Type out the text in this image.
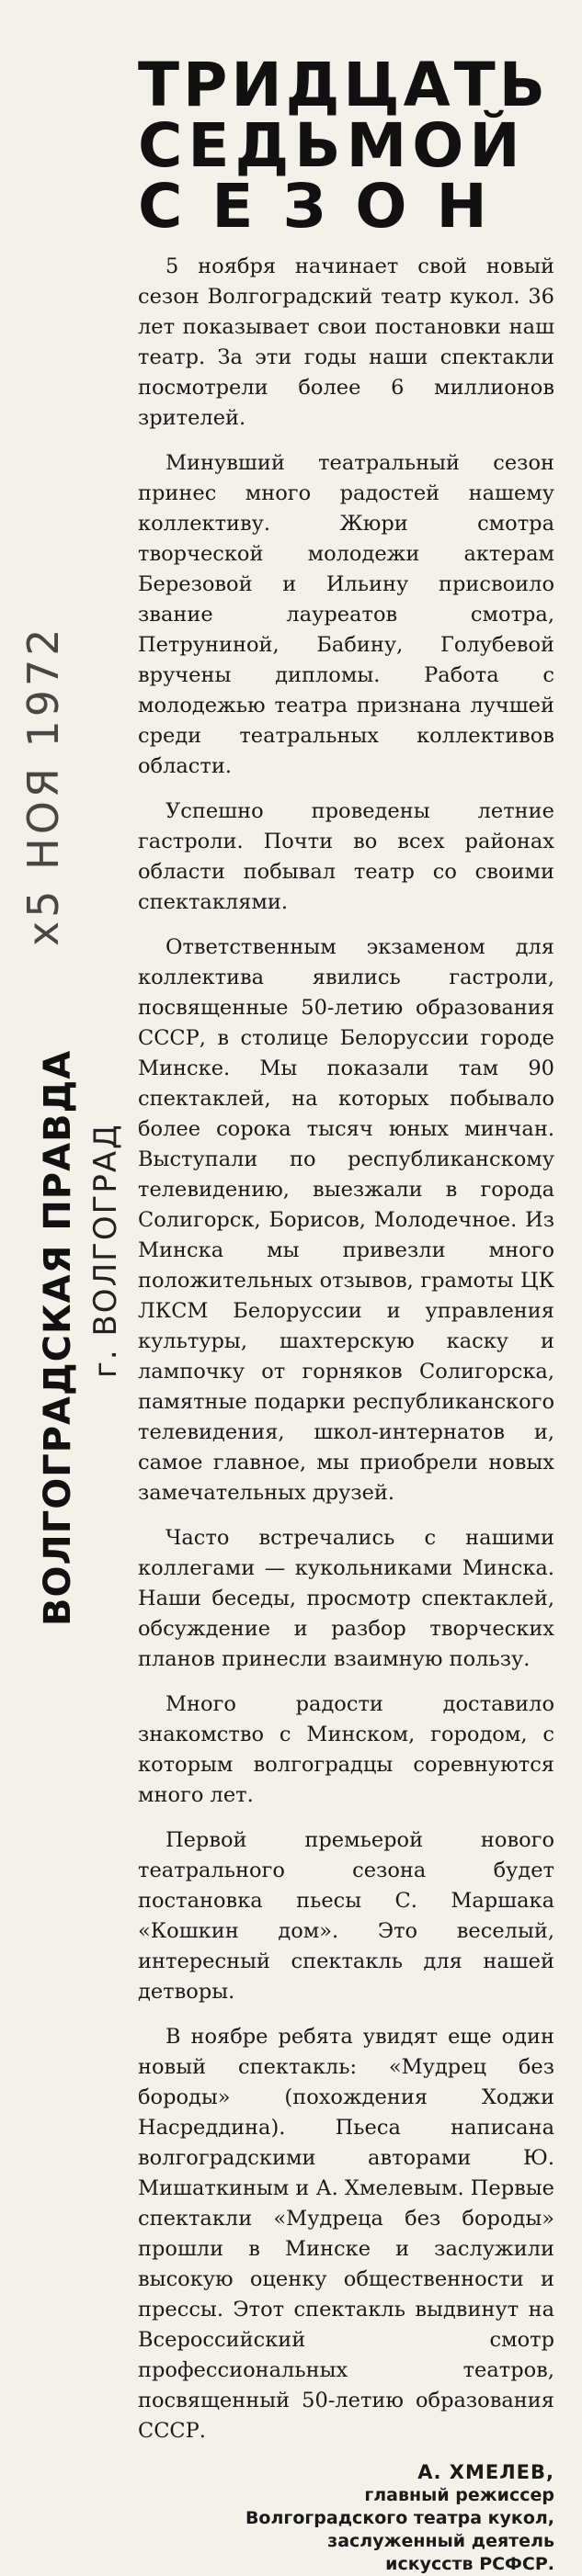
x5 НОЯ 1972
ВОЛГОГРАДСКАЯ ПРАВДА г. ВОЛГОГРАД
ТРИДЦАТЬ
СЕДЬМОЙ
СЕЗОН

5 ноября начинает свой новый сезон Волгоградский театр кукол. 36 лет показывает свои постановки наш театр. За эти годы наши спектакли посмотрели более 6 миллионов зрителей.

Минувший театральный сезон принес много радостей нашему коллективу. Жюри смотра творческой молодежи актерам Березовой и Ильину присвоило звание лауреатов смотра, Петруниной, Бабину, Голубевой вручены дипломы. Работа с молодежью театра признана лучшей среди театральных коллективов области.

Успешно проведены летние гастроли. Почти во всех районах области побывал театр со своими спектаклями.

Ответственным экзаменом для коллектива явились гастроли, посвященные 50-летию образования СССР, в столице Белоруссии городе Минске. Мы показали там 90 спектаклей, на которых побывало более сорока тысяч юных минчан. Выступали по республиканскому телевидению, выезжали в города Солигорск, Борисов, Молодечное. Из Минска мы привезли много положительных отзывов, грамоты ЦК ЛКСМ Белоруссии и управления культуры, шахтерскую каску и лампочку от горняков Солигорска, памятные подарки республиканского телевидения, школ-интернатов и, самое главное, мы приобрели новых замечательных друзей.

Часто встречались с нашими коллегами — кукольниками Минска. Наши беседы, просмотр спектаклей, обсуждение и разбор творческих планов принесли взаимную пользу.

Много радости доставило знакомство с Минском, городом, с которым волгоградцы соревнуются много лет.

Первой премьерой нового театрального сезона будет постановка пьесы С. Маршака «Кошкин дом». Это веселый, интересный спектакль для нашей детворы.

В ноябре ребята увидят еще один новый спектакль: «Мудрец без бороды» (похождения Ходжи Насреддина). Пьеса написана волгоградскими авторами Ю. Мишаткиным и А. Хмелевым. Первые спектакли «Мудреца без бороды» прошли в Минске и заслужили высокую оценку общественности и прессы. Этот спектакль выдвинут на Всероссийский смотр профессиональных театров, посвященный 50-летию образования СССР.

А. ХМЕЛЕВ,
главный режиссер
Волгоградского театра кукол,
заслуженный деятель
искусств РСФСР.
